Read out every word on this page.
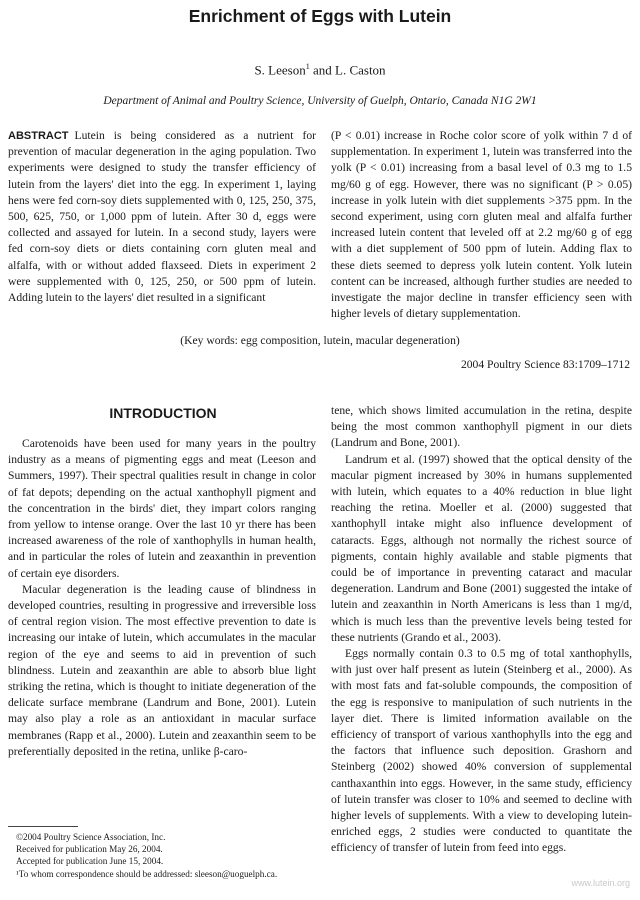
Enrichment of Eggs with Lutein
S. Leeson$^1$ and L. Caston
Department of Animal and Poultry Science, University of Guelph, Ontario, Canada N1G 2W1

ABSTRACT Lutein is being considered as a nutrient for prevention of macular degeneration in the aging population. Two experiments were designed to study the transfer efficiency of lutein from the layers' diet into the egg. In experiment 1, laying hens were fed corn-soy diets supplemented with 0, 125, 250, 375, 500, 625, 750, or 1,000 ppm of lutein. After 30 d, eggs were collected and assayed for lutein. In a second study, layers were fed corn-soy diets or diets containing corn gluten meal and alfalfa, with or without added flaxseed. Diets in experiment 2 were supplemented with 0, 125, 250, or 500 ppm of lutein. Adding lutein to the layers' diet resulted in a significant

(P < 0.01) increase in Roche color score of yolk within 7 d of supplementation. In experiment 1, lutein was transferred into the yolk (P < 0.01) increasing from a basal level of 0.3 mg to 1.5 mg/60 g of egg. However, there was no significant (P > 0.05) increase in yolk lutein with diet supplements >375 ppm. In the second experiment, using corn gluten meal and alfalfa further increased lutein content that leveled off at 2.2 mg/60 g of egg with a diet supplement of 500 ppm of lutein. Adding flax to these diets seemed to depress yolk lutein content. Yolk lutein content can be increased, although further studies are needed to investigate the major decline in transfer efficiency seen with higher levels of dietary supplementation.

(Key words: egg composition, lutein, macular degeneration)
2004 Poultry Science 83:1709–1712
INTRODUCTION

Carotenoids have been used for many years in the poultry industry as a means of pigmenting eggs and meat (Leeson and Summers, 1997). Their spectral qualities result in change in color of fat depots; depending on the actual xanthophyll pigment and the concentration in the birds' diet, they impart colors ranging from yellow to intense orange. Over the last 10 yr there has been increased awareness of the role of xanthophylls in human health, and in particular the roles of lutein and zeaxanthin in prevention of certain eye disorders.

Macular degeneration is the leading cause of blindness in developed countries, resulting in progressive and irreversible loss of central region vision. The most effective prevention to date is increasing our intake of lutein, which accumulates in the macular region of the eye and seems to aid in prevention of such blindness. Lutein and zeaxanthin are able to absorb blue light striking the retina, which is thought to initiate degeneration of the delicate surface membrane (Landrum and Bone, 2001). Lutein may also play a role as an antioxidant in macular surface membranes (Rapp et al., 2000). Lutein and zeaxanthin seem to be preferentially deposited in the retina, unlike β-caro-

tene, which shows limited accumulation in the retina, despite being the most common xanthophyll pigment in our diets (Landrum and Bone, 2001).

Landrum et al. (1997) showed that the optical density of the macular pigment increased by 30% in humans supplemented with lutein, which equates to a 40% reduction in blue light reaching the retina. Moeller et al. (2000) suggested that xanthophyll intake might also influence development of cataracts. Eggs, although not normally the richest source of pigments, contain highly available and stable pigments that could be of importance in preventing cataract and macular degeneration. Landrum and Bone (2001) suggested the intake of lutein and zeaxanthin in North Americans is less than 1 mg/d, which is much less than the preventive levels being tested for these nutrients (Grando et al., 2003).

Eggs normally contain 0.3 to 0.5 mg of total xanthophylls, with just over half present as lutein (Steinberg et al., 2000). As with most fats and fat-soluble compounds, the composition of the egg is responsive to manipulation of such nutrients in the layer diet. There is limited information available on the efficiency of transport of various xanthophylls into the egg and the factors that influence such deposition. Grashorn and Steinberg (2002) showed 40% conversion of supplemental canthaxanthin into eggs. However, in the same study, efficiency of lutein transfer was closer to 10% and seemed to decline with higher levels of supplements. With a view to developing lutein-enriched eggs, 2 studies were conducted to quantitate the efficiency of transfer of lutein from feed into eggs.

©2004 Poultry Science Association, Inc.
Received for publication May 26, 2004.
Accepted for publication June 15, 2004.
¹To whom correspondence should be addressed: sleeson@uoguelph.ca.
www.lutein.org
